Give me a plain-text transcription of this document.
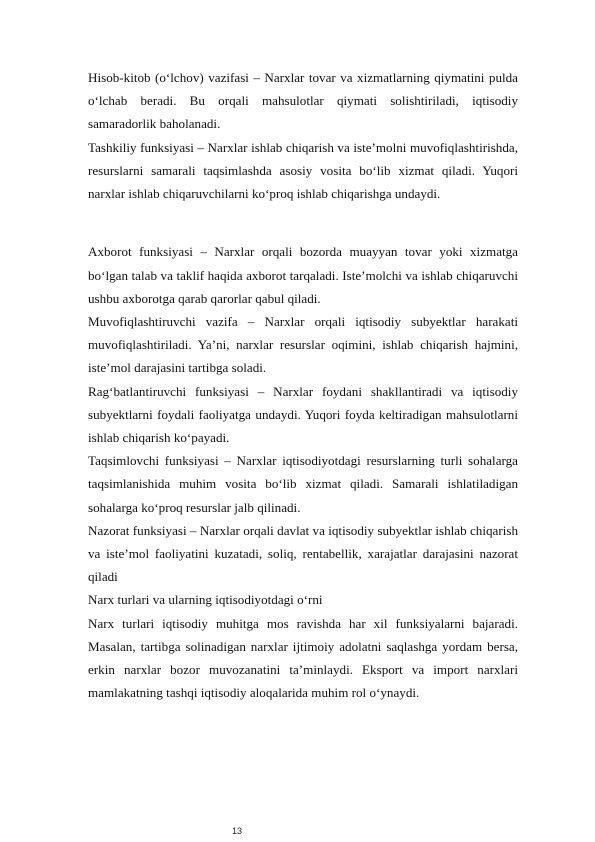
Hisob-kitob (o‘lchov) vazifasi – Narxlar tovar va xizmatlarning qiymatini pulda o‘lchab beradi. Bu orqali mahsulotlar qiymati solishtiriladi, iqtisodiy samaradorlik baholanadi.

Tashkiliy funksiyasi – Narxlar ishlab chiqarish va iste’molni muvofiqlashtirishda, resurslarni samarali taqsimlashda asosiy vosita bo‘lib xizmat qiladi. Yuqori narxlar ishlab chiqaruvchilarni ko‘proq ishlab chiqarishga undaydi.

Axborot funksiyasi – Narxlar orqali bozorda muayyan tovar yoki xizmatga bo‘lgan talab va taklif haqida axborot tarqaladi. Iste’molchi va ishlab chiqaruvchi ushbu axborotga qarab qarorlar qabul qiladi.

Muvofiqlashtiruvchi vazifa – Narxlar orqali iqtisodiy subyektlar harakati muvofiqlashtiriladi. Ya’ni, narxlar resurslar oqimini, ishlab chiqarish hajmini, iste’mol darajasini tartibga soladi.

Rag‘batlantiruvchi funksiyasi – Narxlar foydani shakllantiradi va iqtisodiy subyektlarni foydali faoliyatga undaydi. Yuqori foyda keltiradigan mahsulotlarni ishlab chiqarish ko‘payadi.

Taqsimlovchi funksiyasi – Narxlar iqtisodiyotdagi resurslarning turli sohalarga taqsimlanishida muhim vosita bo‘lib xizmat qiladi. Samarali ishlatiladigan sohalarga ko‘proq resurslar jalb qilinadi.

Nazorat funksiyasi – Narxlar orqali davlat va iqtisodiy subyektlar ishlab chiqarish va iste’mol faoliyatini kuzatadi, soliq, rentabellik, xarajatlar darajasini nazorat qiladi

Narx turlari va ularning iqtisodiyotdagi o‘rni

Narx turlari iqtisodiy muhitga mos ravishda har xil funksiyalarni bajaradi. Masalan, tartibga solinadigan narxlar ijtimoiy adolatni saqlashga yordam bersa, erkin narxlar bozor muvozanatini ta’minlaydi. Eksport va import narxlari mamlakatning tashqi iqtisodiy aloqalarida muhim rol o‘ynaydi.

13
